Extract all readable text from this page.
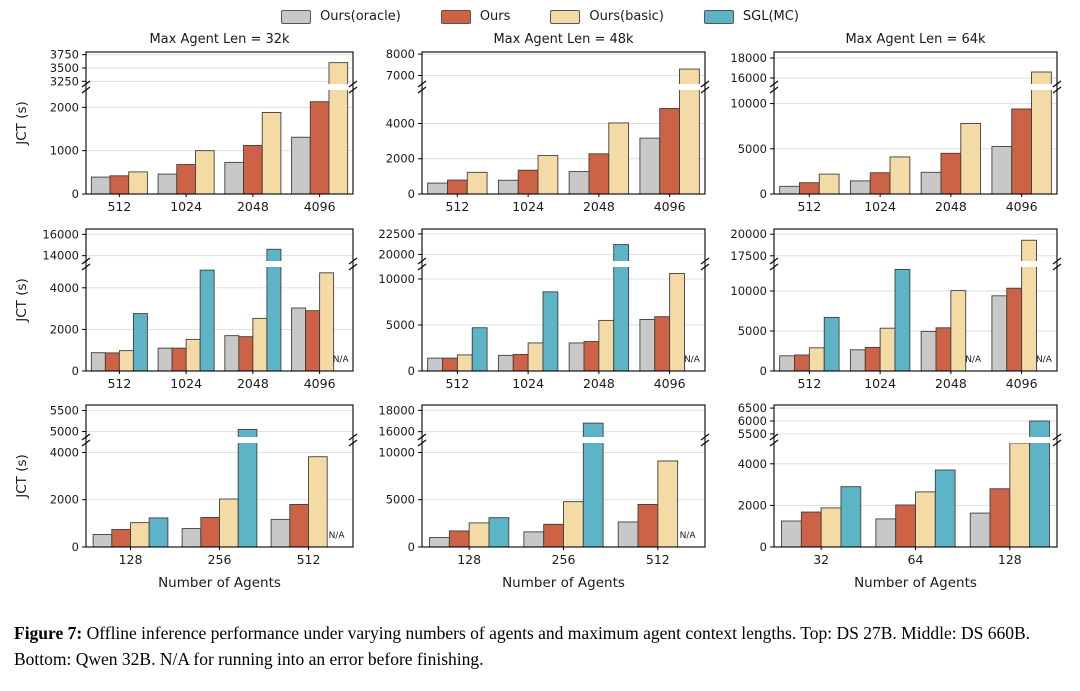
Ours(oracle)	Ours	Ours(basic)	SGL(MC)
0
1000
2000
3250
3500
3750
512	1024	2048	4096
Max Agent Len = 32k
JCT (s)
0
2000
4000
7000
8000
512	1024	2048	4096
Max Agent Len = 48k
0
5000
10000
16000
18000
512	1024	2048	4096
Max Agent Len = 64k
N/A
0
2000
4000
14000
16000
512	1024	2048	4096
JCT (s)
N/A
0
5000
10000
20000
22500
512	1024	2048	4096
N/A	N/A
0
5000
10000
17500
20000
512	1024	2048	4096
N/A
0
2000
4000
5000
5500
128	256	512
JCT (s)
Number of Agents
N/A
0
5000
10000
16000
18000
128	256	512
Number of Agents
0
2000
4000
5500
6000
6500
32	64	128
Number of Agents
Figure 7: Offline inference performance under varying numbers of agents and maximum agent context lengths. Top: DS 27B. Middle: DS 660B. Bottom: Qwen 32B. N/A for running into an error before finishing.
